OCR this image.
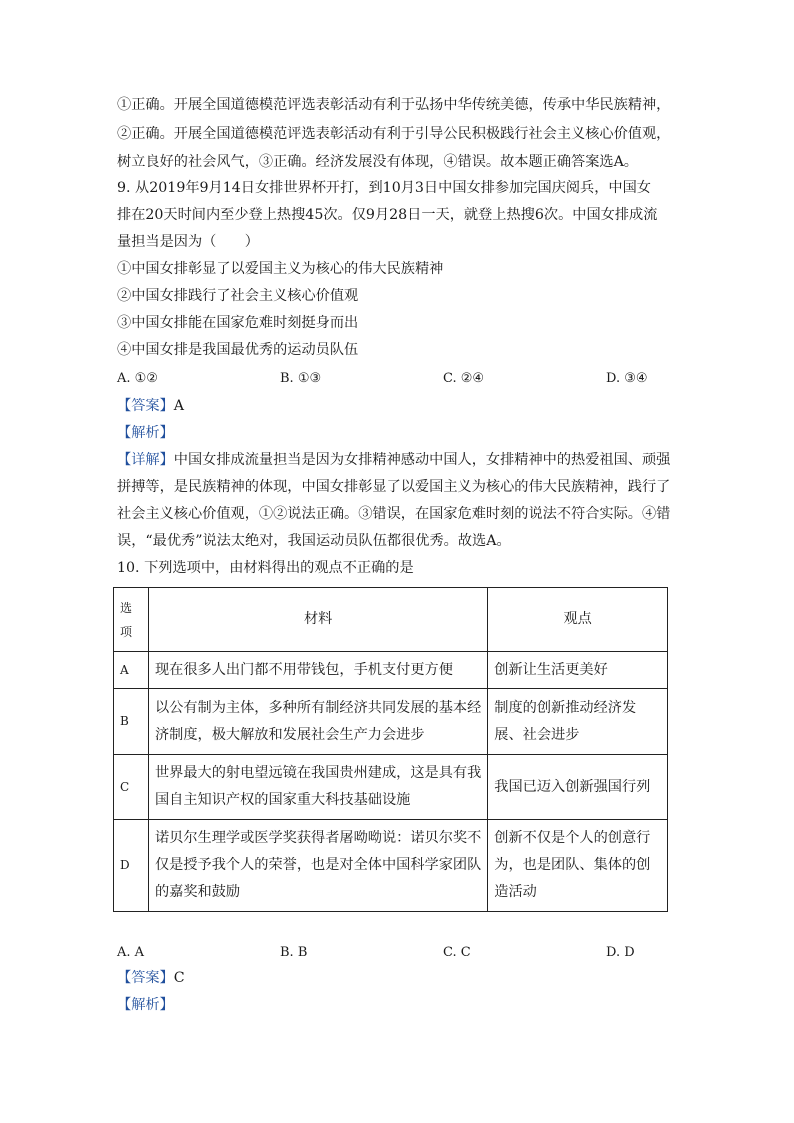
①正确。开展全国道德模范评选表彰活动有利于弘扬中华传统美德，传承中华民族精神，
②正确。开展全国道德模范评选表彰活动有利于引导公民积极践行社会主义核心价值观，
树立良好的社会风气，③正确。经济发展没有体现，④错误。故本题正确答案选A。
9. 从2019年9月14日女排世界杯开打，到10月3日中国女排参加完国庆阅兵，中国女
排在20天时间内至少登上热搜45次。仅9月28日一天，就登上热搜6次。中国女排成流
量担当是因为（　　）
①中国女排彰显了以爱国主义为核心的伟大民族精神
②中国女排践行了社会主义核心价值观
③中国女排能在国家危难时刻挺身而出
④中国女排是我国最优秀的运动员队伍
A. ①②	B. ①③	C. ②④	D. ③④
【答案】A
【解析】
【详解】中国女排成流量担当是因为女排精神感动中国人，女排精神中的热爱祖国、顽强
拼搏等，是民族精神的体现，中国女排彰显了以爱国主义为核心的伟大民族精神，践行了
社会主义核心价值观，①②说法正确。③错误，在国家危难时刻的说法不符合实际。④错
误，“最优秀”说法太绝对，我国运动员队伍都很优秀。故选A。
10. 下列选项中，由材料得出的观点不正确的是
选项	材料	观点
A	现在很多人出门都不用带钱包，手机支付更方便	创新让生活更美好
B	以公有制为主体，多种所有制经济共同发展的基本经济制度，极大解放和发展社会生产力会进步	制度的创新推动经济发展、社会进步
C	世界最大的射电望远镜在我国贵州建成，这是具有我国自主知识产权的国家重大科技基础设施	我国已迈入创新强国行列
D	诺贝尔生理学或医学奖获得者屠呦呦说：诺贝尔奖不仅是授予我个人的荣誉，也是对全体中国科学家团队的嘉奖和鼓励	创新不仅是个人的创意行为，也是团队、集体的创造活动
A. A	B. B	C. C	D. D
【答案】C
【解析】
